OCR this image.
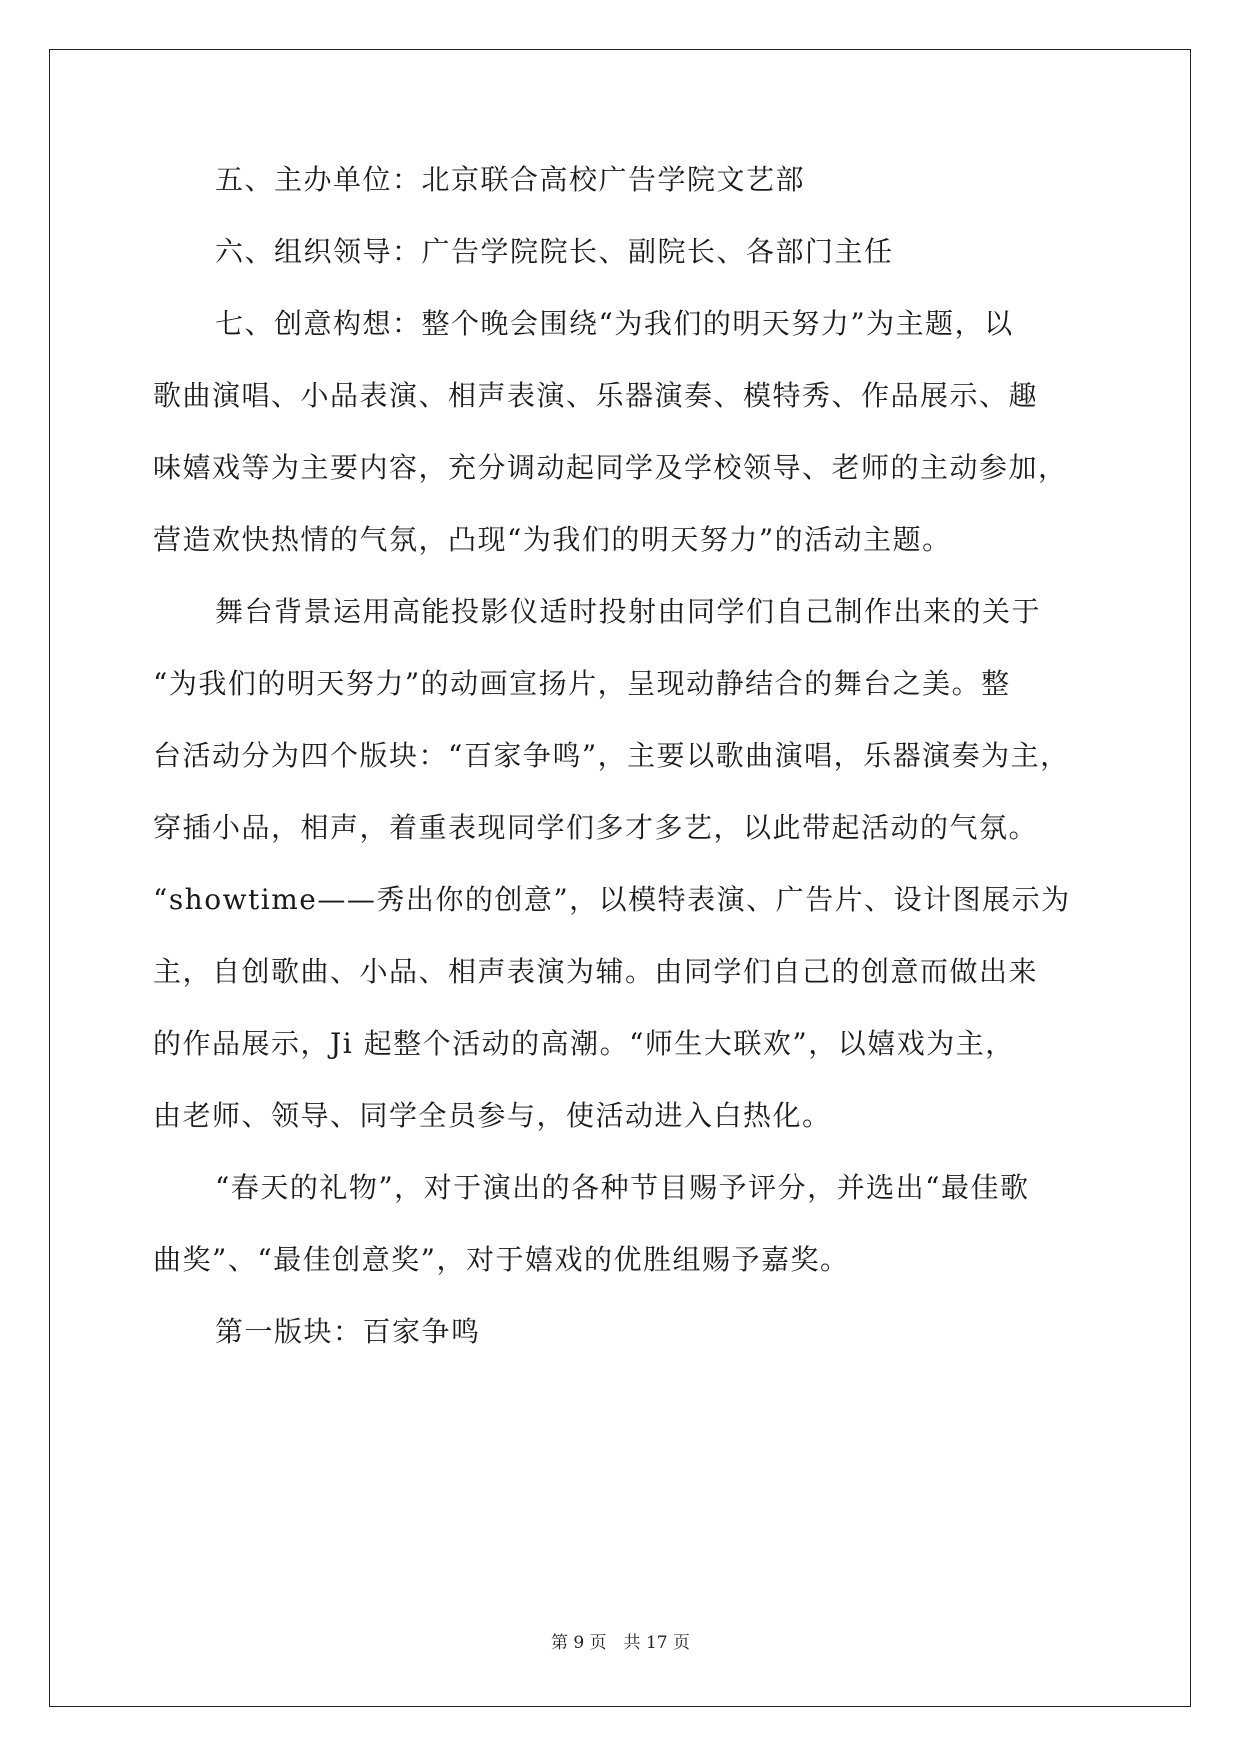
五、主办单位：北京联合高校广告学院文艺部
六、组织领导：广告学院院长、副院长、各部门主任
七、创意构想：整个晚会围绕“为我们的明天努力”为主题，以
歌曲演唱、小品表演、相声表演、乐器演奏、模特秀、作品展示、趣
味嬉戏等为主要内容，充分调动起同学及学校领导、老师的主动参加，
营造欢快热情的气氛，凸现“为我们的明天努力”的活动主题。
舞台背景运用高能投影仪适时投射由同学们自己制作出来的关于
“为我们的明天努力”的动画宣扬片，呈现动静结合的舞台之美。整
台活动分为四个版块：“百家争鸣”，主要以歌曲演唱，乐器演奏为主，
穿插小品，相声，着重表现同学们多才多艺，以此带起活动的气氛。
“showtime——秀出你的创意”，以模特表演、广告片、设计图展示为
主，自创歌曲、小品、相声表演为辅。由同学们自己的创意而做出来
的作品展示，Ji 起整个活动的高潮。“师生大联欢”，以嬉戏为主，
由老师、领导、同学全员参与，使活动进入白热化。
“春天的礼物”，对于演出的各种节目赐予评分，并选出“最佳歌
曲奖”、“最佳创意奖”，对于嬉戏的优胜组赐予嘉奖。
第一版块：百家争鸣
第 9 页　共 17 页
